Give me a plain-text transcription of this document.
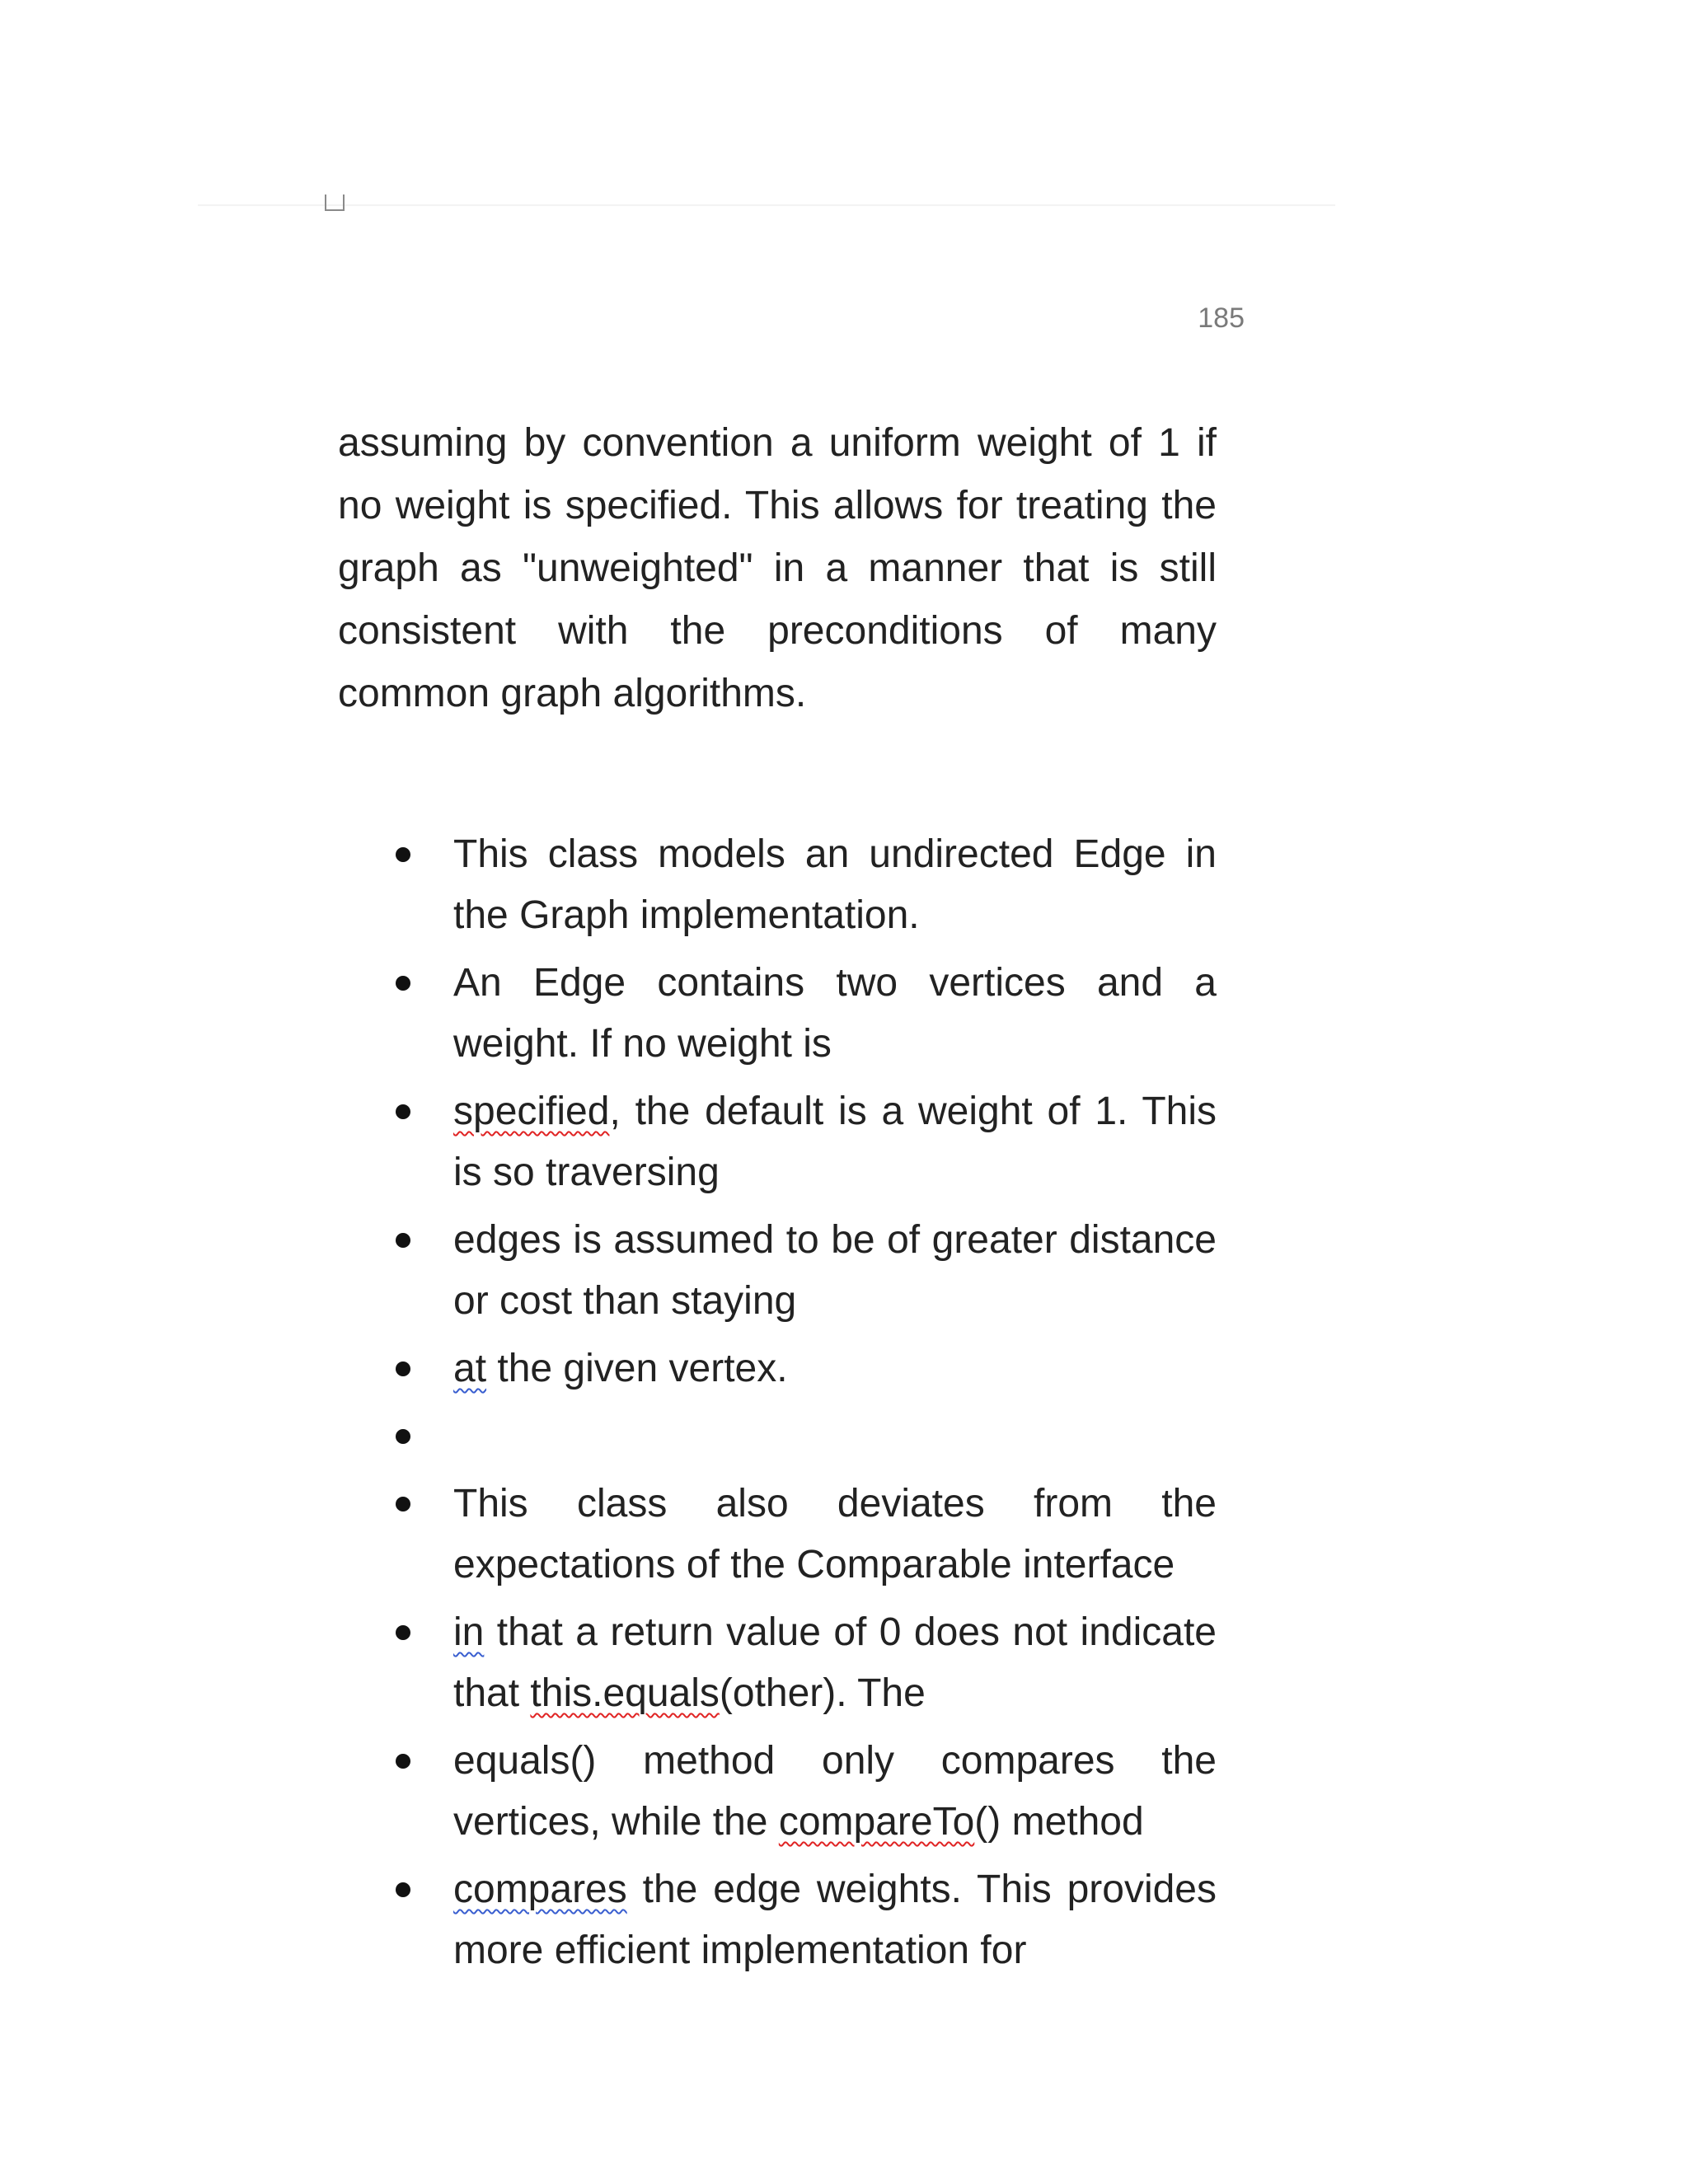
185
assuming by convention a uniform weight of 1 if no weight is specified. This allows for treating the graph as "unweighted" in a manner that is still consistent with the preconditions of many common graph algorithms.
This class models an undirected Edge in the Graph implementation.
An Edge contains two vertices and a weight. If no weight is
specified, the default is a weight of 1. This is so traversing
edges is assumed to be of greater distance or cost than staying
at the given vertex.
This class also deviates from the expectations of the Comparable interface
in that a return value of 0 does not indicate that this.equals(other). The
equals() method only compares the vertices, while the compareTo() method
compares the edge weights. This provides more efficient implementation for
